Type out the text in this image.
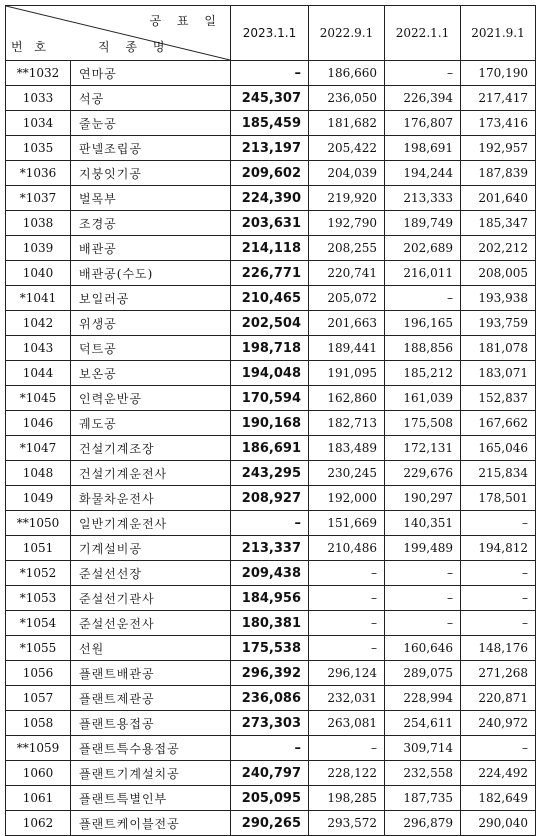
공 표 일
번 호 직 종 명		2023.1.1	2022.9.1	2022.1.1	2021.9.1
**1032	연마공	–	186,660	–	170,190
1033	석공	245,307	236,050	226,394	217,417
1034	줄눈공	185,459	181,682	176,807	173,416
1035	판넬조립공	213,197	205,422	198,691	192,957
*1036	지붕잇기공	209,602	204,039	194,244	187,839
*1037	벌목부	224,390	219,920	213,333	201,640
1038	조경공	203,631	192,790	189,749	185,347
1039	배관공	214,118	208,255	202,689	202,212
1040	배관공(수도)	226,771	220,741	216,011	208,005
*1041	보일러공	210,465	205,072	–	193,938
1042	위생공	202,504	201,663	196,165	193,759
1043	덕트공	198,718	189,441	188,856	181,078
1044	보온공	194,048	191,095	185,212	183,071
*1045	인력운반공	170,594	162,860	161,039	152,837
1046	궤도공	190,168	182,713	175,508	167,662
*1047	건설기계조장	186,691	183,489	172,131	165,046
1048	건설기계운전사	243,295	230,245	229,676	215,834
1049	화물차운전사	208,927	192,000	190,297	178,501
**1050	일반기계운전사	–	151,669	140,351	–
1051	기계설비공	213,337	210,486	199,489	194,812
*1052	준설선선장	209,438	–	–	–
*1053	준설선기관사	184,956	–	–	–
*1054	준설선운전사	180,381	–	–	–
*1055	선원	175,538	–	160,646	148,176
1056	플랜트배관공	296,392	296,124	289,075	271,268
1057	플랜트제관공	236,086	232,031	228,994	220,871
1058	플랜트용접공	273,303	263,081	254,611	240,972
**1059	플랜트특수용접공	–	–	309,714	–
1060	플랜트기계설치공	240,797	228,122	232,558	224,492
1061	플랜트특별인부	205,095	198,285	187,735	182,649
1062	플랜트케이블전공	290,265	293,572	296,879	290,040
